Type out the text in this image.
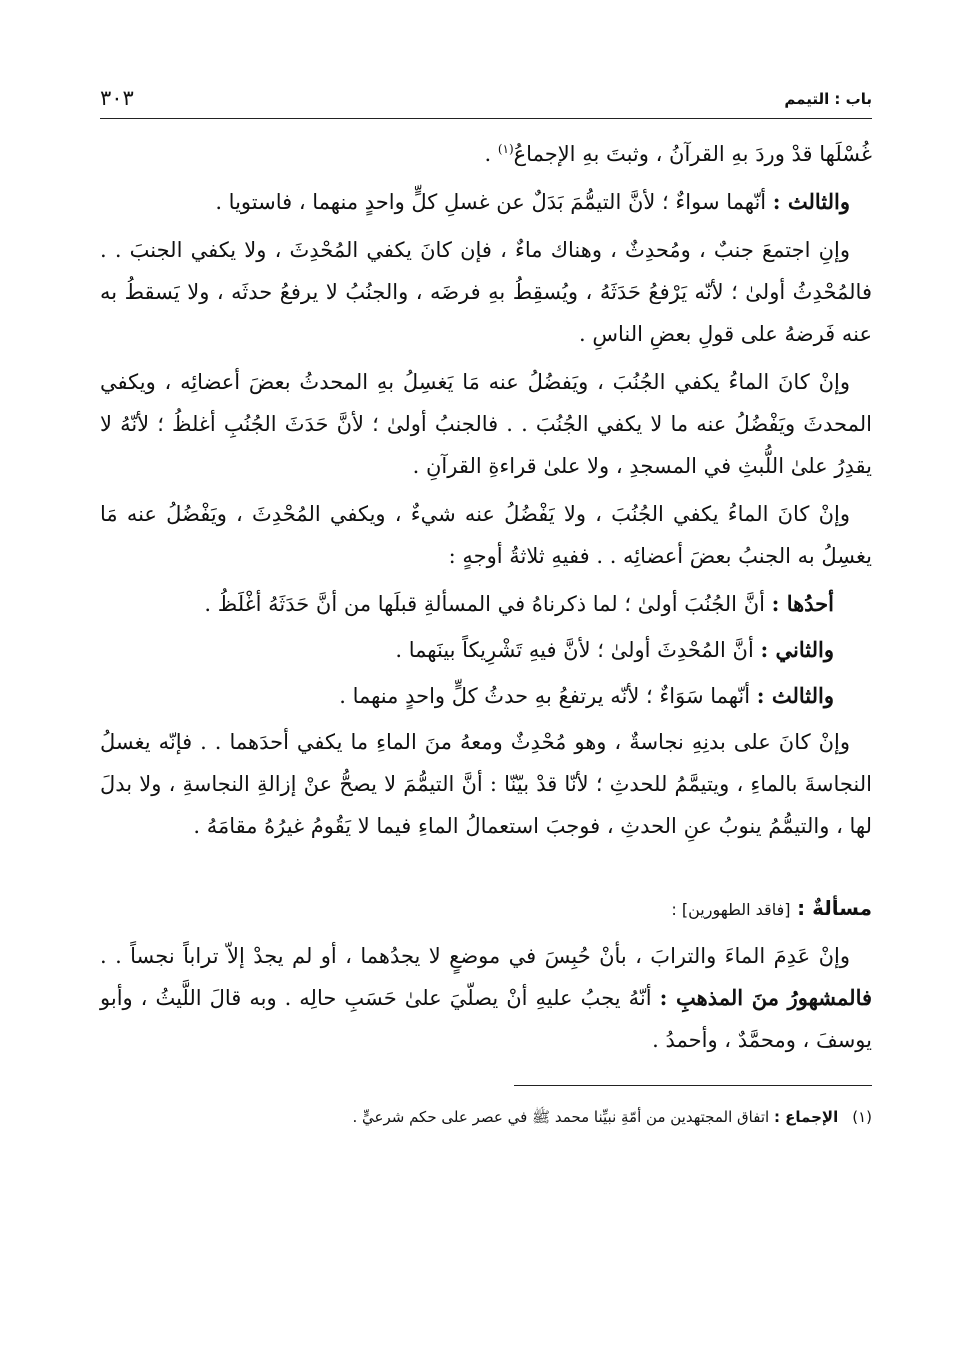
باب : التيمم
٣٠٣

غُسْلَها قدْ وردَ بهِ القرآنُ ، وثبتَ بهِ الإجماعُ$^{(١)}$ .

والثالث : أنّهما سواءٌ ؛ لأنَّ التيمُّمَ بَدَلٌ عن غسلِ كلٍّ واحدٍ منهما ، فاستويا .

وإنِ اجتمعَ جنبٌ ، ومُحدِثٌ ، وهناك ماءٌ ، فإن كانَ يكفي المُحْدِثَ ، ولا يكفي الجنبَ . . فالمُحْدِثُ أولىٰ ؛ لأنّه يَرْفعُ حَدَثَهُ ، ويُسقِطُ بهِ فرضَه ، والجنُبُ لا يرفعُ حدثَه ، ولا يَسقطُ به عنه فَرضهُ على قولِ بعضِ الناسِ .

وإنْ كانَ الماءُ يكفي الجُنُبَ ، ويَفضُلُ عنه مَا يَغسِلُ بهِ المحدثُ بعضَ أعضائِه ، ويكفي المحدثَ ويَفْضُلُ عنه ما لا يكفي الجُنُبَ . . فالجنبُ أولىٰ ؛ لأنَّ حَدَثَ الجُنُبِ أغلظُ ؛ لأنّهُ لا يقدِرُ علىٰ اللُّبثِ في المسجدِ ، ولا علىٰ قراءةِ القرآنِ .

وإنْ كانَ الماءُ يكفي الجُنُبَ ، ولا يَفْضُلُ عنه شيءٌ ، ويكفي المُحْدِثَ ، ويَفْضُلُ عنه مَا يغسِلُ به الجنبُ بعضَ أعضائِه . . ففيهِ ثلاثةُ أوجهٍ :

أحدُها : أنَّ الجُنُبَ أولىٰ ؛ لما ذكرناهُ في المسألةِ قبلَها من أنَّ حَدَثَهُ أغْلَظُ .

والثاني : أنَّ المُحْدِثَ أولىٰ ؛ لأنَّ فيهِ تَشْرِيكاً بينَهما .

والثالث : أنّهما سَوَاءٌ ؛ لأنّه يرتفعُ بهِ حدثُ كلٍّ واحدٍ منهما .

وإنْ كانَ على بدنِهِ نجاسةٌ ، وهو مُحْدِثٌ ومعهُ منَ الماءِ ما يكفي أحدَهما . . فإنّه يغسلُ النجاسةَ بالماءِ ، ويتيمَّمُ للحدثِ ؛ لأنّا قدْ بيّنّا : أنَّ التيمُّمَ لا يصحُّ عنْ إزالةِ النجاسةِ ، ولا بدلَ لها ، والتيمُّمُ ينوبُ عنِ الحدثِ ، فوجبَ استعمالُ الماءِ فيما لا يَقُومُ غيرُهُ مقامَهُ .

مسألةٌ : [فاقد الطهورين] :

وإنْ عَدِمَ الماءَ والترابَ ، بأنْ حُبِسَ في موضعٍ لا يجدُهما ، أو لم يجدْ إلاّ تراباً نجساً . . فالمشهورُ منَ المذهبِ : أنّهُ يجبُ عليهِ أنْ يصلّيَ علىٰ حَسَبِ حالِه . وبه قالَ اللَّيثُ ، وأبو يوسفَ ، ومحمَّدٌ ، وأحمدُ .

(١)الإجماع : اتفاق المجتهدين من أمّةِ نبيِّنا محمد ﷺ في عصر على حكم شرعيٍّ .
